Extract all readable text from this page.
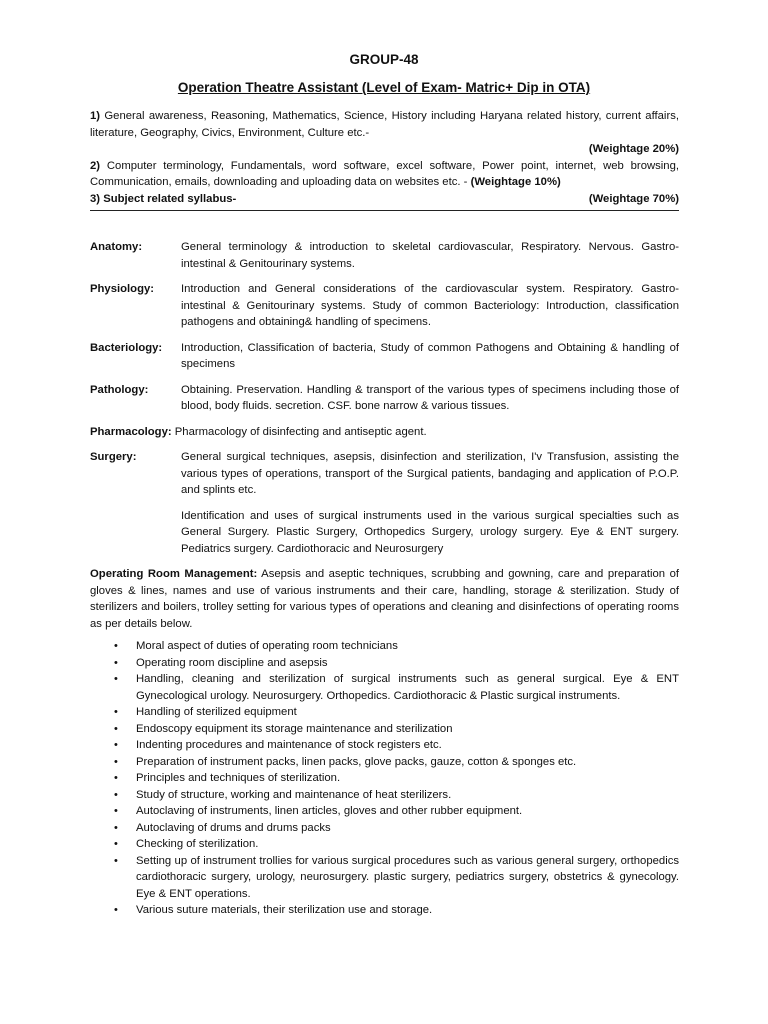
GROUP-48
Operation Theatre Assistant (Level of Exam- Matric+ Dip in OTA)
1) General awareness, Reasoning, Mathematics, Science, History including Haryana related history, current affairs, literature, Geography, Civics, Environment, Culture etc.-
(Weightage 20%)
2) Computer terminology, Fundamentals, word software, excel software, Power point, internet, web browsing, Communication, emails, downloading and uploading data on websites etc. - (Weightage 10%)
3) Subject related syllabus-	(Weightage 70%)
Anatomy:	General terminology & introduction to skeletal cardiovascular, Respiratory. Nervous. Gastro-intestinal & Genitourinary systems.
Physiology:	Introduction and General considerations of the cardiovascular system. Respiratory. Gastro-intestinal & Genitourinary systems. Study of common Bacteriology: Introduction, classification pathogens and obtaining& handling of specimens.
Bacteriology:	Introduction, Classification of bacteria, Study of common Pathogens and Obtaining & handling of specimens
Pathology:	Obtaining. Preservation. Handling & transport of the various types of specimens including those of blood, body fluids. secretion. CSF. bone narrow & various tissues.
Pharmacology: Pharmacology of disinfecting and antiseptic agent.
Surgery:	General surgical techniques, asepsis, disinfection and sterilization, I'v Transfusion, assisting the various types of operations, transport of the Surgical patients, bandaging and application of P.O.P. and splints etc.
Identification and uses of surgical instruments used in the various surgical specialties such as General Surgery. Plastic Surgery, Orthopedics Surgery, urology surgery. Eye & ENT surgery. Pediatrics surgery. Cardiothoracic and Neurosurgery
Operating Room Management: Asepsis and aseptic techniques, scrubbing and gowning, care and preparation of gloves & lines, names and use of various instruments and their care, handling, storage & sterilization. Study of sterilizers and boilers, trolley setting for various types of operations and cleaning and disinfections of operating rooms as per details below.
• Moral aspect of duties of operating room technicians
• Operating room discipline and asepsis
• Handling, cleaning and sterilization of surgical instruments such as general surgical. Eye & ENT Gynecological urology. Neurosurgery. Orthopedics. Cardiothoracic & Plastic surgical instruments.
• Handling of sterilized equipment
• Endoscopy equipment its storage maintenance and sterilization
• Indenting procedures and maintenance of stock registers etc.
• Preparation of instrument packs, linen packs, glove packs, gauze, cotton & sponges etc.
• Principles and techniques of sterilization.
• Study of structure, working and maintenance of heat sterilizers.
• Autoclaving of instruments, linen articles, gloves and other rubber equipment.
• Autoclaving of drums and drums packs
• Checking of sterilization.
• Setting up of instrument trollies for various surgical procedures such as various general surgery, orthopedics cardiothoracic surgery, urology, neurosurgery. plastic surgery, pediatrics surgery, obstetrics & gynecology. Eye & ENT operations.
• Various suture materials, their sterilization use and storage.
